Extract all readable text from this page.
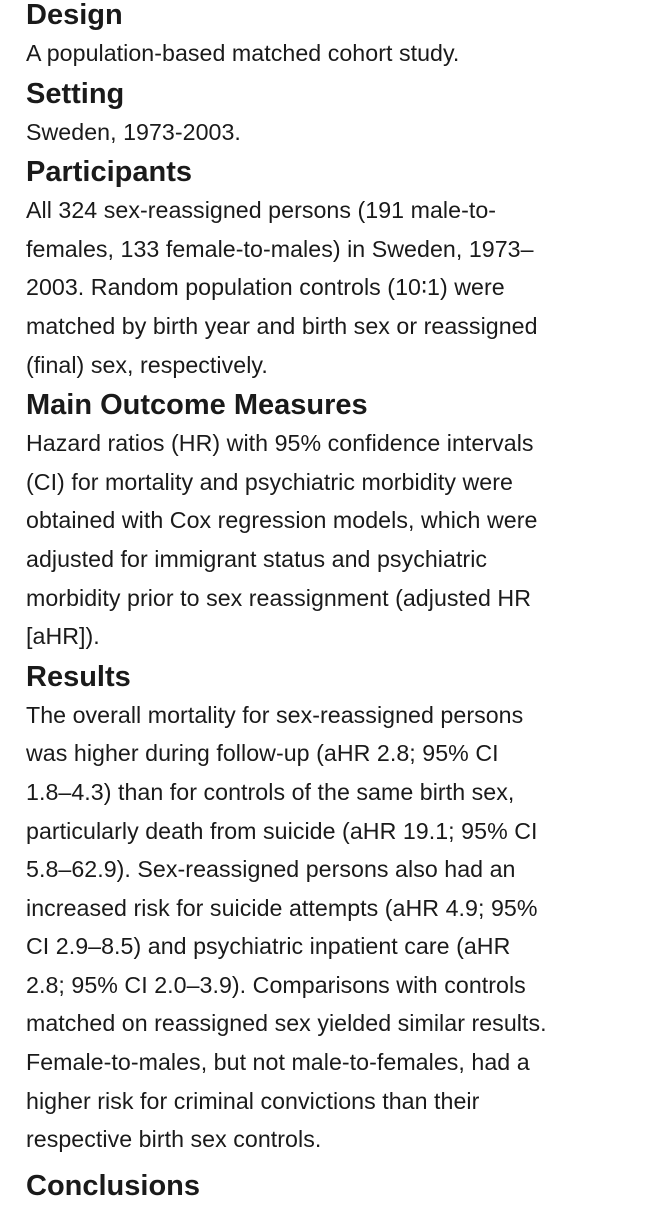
Design

A population-based matched cohort study.

Setting

Sweden, 1973-2003.

Participants

All 324 sex-reassigned persons (191 male-to-
females, 133 female-to-males) in Sweden, 1973–
2003. Random population controls (10∶1) were
matched by birth year and birth sex or reassigned
(final) sex, respectively.

Main Outcome Measures

Hazard ratios (HR) with 95% confidence intervals
(CI) for mortality and psychiatric morbidity were
obtained with Cox regression models, which were
adjusted for immigrant status and psychiatric
morbidity prior to sex reassignment (adjusted HR
[aHR]).

Results

The overall mortality for sex-reassigned persons
was higher during follow-up (aHR 2.8; 95% CI
1.8–4.3) than for controls of the same birth sex,
particularly death from suicide (aHR 19.1; 95% CI
5.8–62.9). Sex-reassigned persons also had an
increased risk for suicide attempts (aHR 4.9; 95%
CI 2.9–8.5) and psychiatric inpatient care (aHR
2.8; 95% CI 2.0–3.9). Comparisons with controls
matched on reassigned sex yielded similar results.
Female-to-males, but not male-to-females, had a
higher risk for criminal convictions than their
respective birth sex controls.

Conclusions
